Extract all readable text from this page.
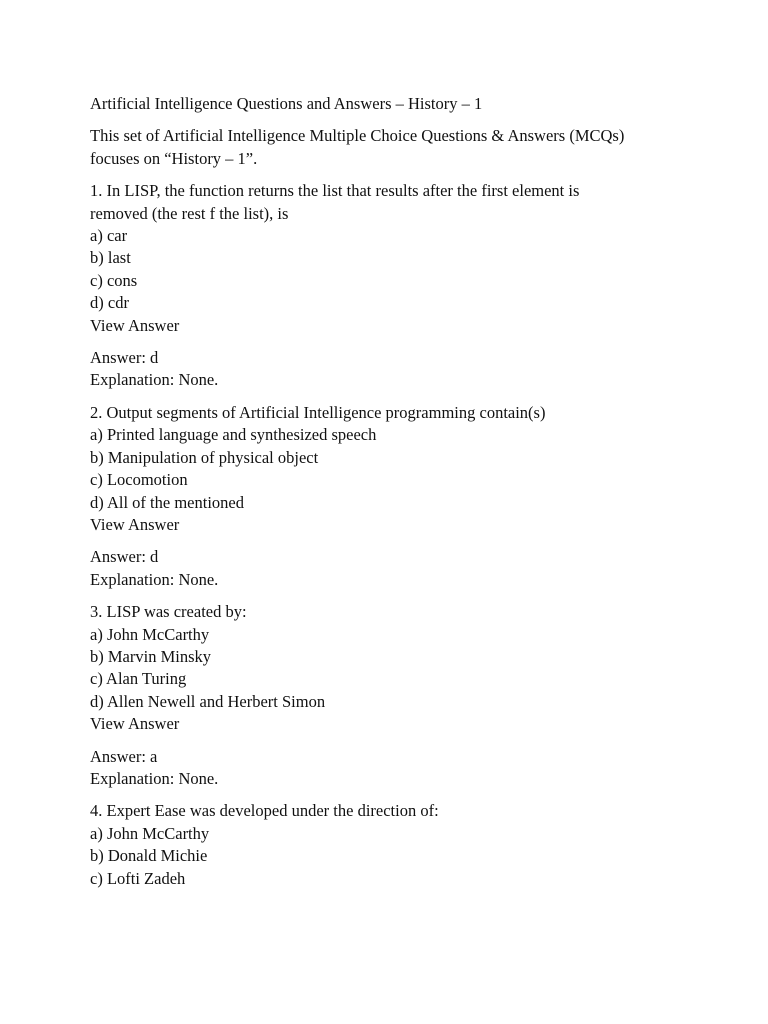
Artificial Intelligence Questions and Answers – History – 1
This set of Artificial Intelligence Multiple Choice Questions & Answers (MCQs)
focuses on “History – 1”.
1. In LISP, the function returns the list that results after the first element is
removed (the rest f the list), is
a) car
b) last
c) cons
d) cdr
View Answer
Answer: d
Explanation: None.
2. Output segments of Artificial Intelligence programming contain(s)
a) Printed language and synthesized speech
b) Manipulation of physical object
c) Locomotion
d) All of the mentioned
View Answer
Answer: d
Explanation: None.
3. LISP was created by:
a) John McCarthy
b) Marvin Minsky
c) Alan Turing
d) Allen Newell and Herbert Simon
View Answer
Answer: a
Explanation: None.
4. Expert Ease was developed under the direction of:
a) John McCarthy
b) Donald Michie
c) Lofti Zadeh
